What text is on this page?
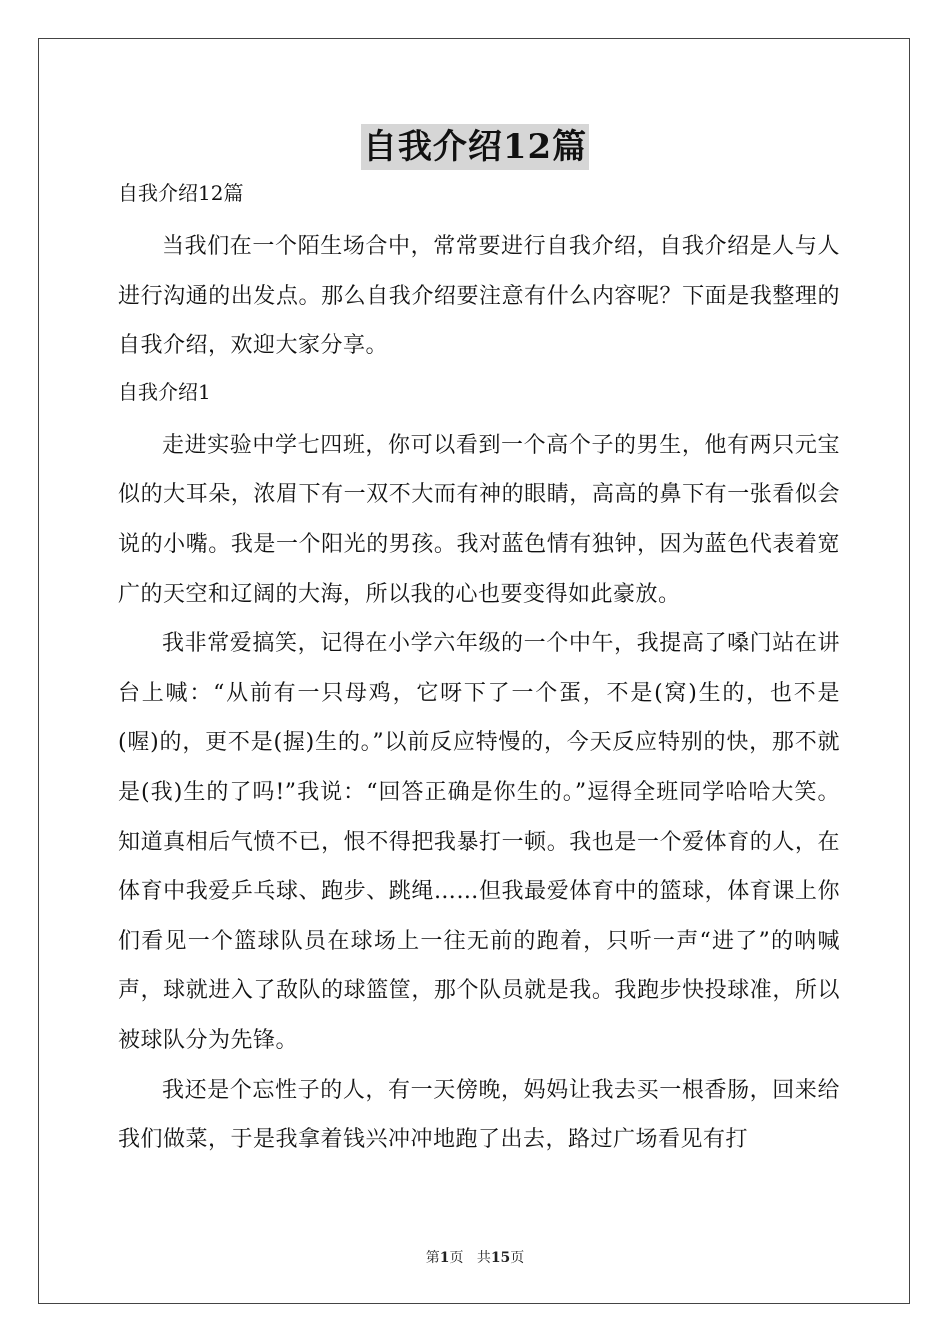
自我介绍12篇
自我介绍12篇

当我们在一个陌生场合中，常常要进行自我介绍，自我介绍是人与人进行沟通的出发点。那么自我介绍要注意有什么内容呢？下面是我整理的自我介绍，欢迎大家分享。

自我介绍1

走进实验中学七四班，你可以看到一个高个子的男生，他有两只元宝似的大耳朵，浓眉下有一双不大而有神的眼睛，高高的鼻下有一张看似会说的小嘴。我是一个阳光的男孩。我对蓝色情有独钟，因为蓝色代表着宽广的天空和辽阔的大海，所以我的心也要变得如此豪放。

我非常爱搞笑，记得在小学六年级的一个中午，我提高了嗓门站在讲台上喊：“从前有一只母鸡，它呀下了一个蛋，不是(窝)生的，也不是(喔)的，更不是(握)生的。”以前反应特慢的，今天反应特别的快，那不就是(我)生的了吗!”我说：“回答正确是你生的。”逗得全班同学哈哈大笑。知道真相后气愤不已，恨不得把我暴打一顿。我也是一个爱体育的人，在体育中我爱乒乓球、跑步、跳绳……但我最爱体育中的篮球，体育课上你们看见一个篮球队员在球场上一往无前的跑着，只听一声“进了”的呐喊声，球就进入了敌队的球篮筐，那个队员就是我。我跑步快投球准，所以被球队分为先锋。

我还是个忘性子的人，有一天傍晚，妈妈让我去买一根香肠，回来给我们做菜，于是我拿着钱兴冲冲地跑了出去，路过广场看见有打

第1页 共15页
